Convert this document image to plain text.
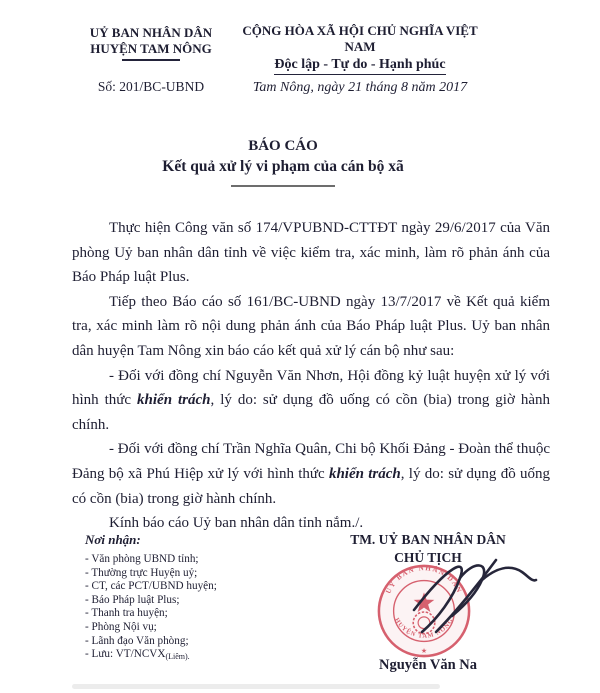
UỶ BAN NHÂN DÂN
HUYỆN TAM NÔNG
Số: 201/BC-UBND
CỘNG HÒA XÃ HỘI CHỦ NGHĨA VIỆT NAM
Độc lập - Tự do - Hạnh phúc
Tam Nông, ngày 21 tháng 8 năm 2017
BÁO CÁO
Kết quả xử lý vi phạm của cán bộ xã

Thực hiện Công văn số 174/VPUBND-CTTĐT ngày 29/6/2017 của Văn phòng Uỷ ban nhân dân tỉnh về việc kiểm tra, xác minh, làm rõ phản ánh của Báo Pháp luật Plus.

Tiếp theo Báo cáo số 161/BC-UBND ngày 13/7/2017 về Kết quả kiểm tra, xác minh làm rõ nội dung phản ánh của Báo Pháp luật Plus. Uỷ ban nhân dân huyện Tam Nông xin báo cáo kết quả xử lý cán bộ như sau:

- Đối với đồng chí Nguyễn Văn Nhơn, Hội đồng kỷ luật huyện xử lý với hình thức khiển trách, lý do: sử dụng đồ uống có cồn (bia) trong giờ hành chính.

- Đối với đồng chí Trần Nghĩa Quân, Chi bộ Khối Đảng - Đoàn thể thuộc Đảng bộ xã Phú Hiệp xử lý với hình thức khiển trách, lý do: sử dụng đồ uống có cồn (bia) trong giờ hành chính.

Kính báo cáo Uỷ ban nhân dân tỉnh nắm./.

Nơi nhận:
- Văn phòng UBND tỉnh;
- Thường trực Huyện uỷ;
- CT, các PCT/UBND huyện;
- Báo Pháp luật Plus;
- Thanh tra huyện;
- Phòng Nội vụ;
- Lãnh đạo Văn phòng;
- Lưu: VT/NCVX(Liêm).
TM. UỶ BAN NHÂN DÂN
CHỦ TỊCH
UỶ BAN NHÂN DÂN
HUYỆN TAM NÔNG
★
Nguyễn Văn Na
